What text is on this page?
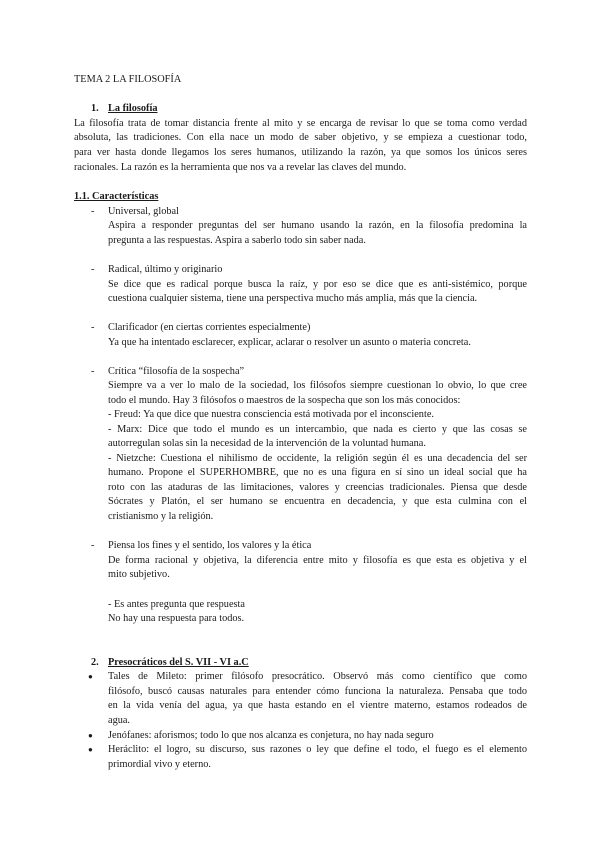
TEMA 2 LA FILOSOFÍA
1. La filosofía
La filosofía trata de tomar distancia frente al mito y se encarga de revisar lo que se toma como verdad
absoluta, las tradiciones. Con ella nace un modo de saber objetivo, y se empieza a cuestionar todo,
para ver hasta donde llegamos los seres humanos, utilizando la razón, ya que somos los únicos seres
racionales. La razón es la herramienta que nos va a revelar las claves del mundo.
1.1. Características
- Universal, global
Aspira a responder preguntas del ser humano usando la razón, en la filosofía predomina la
pregunta a las respuestas. Aspira a saberlo todo sin saber nada.
- Radical, último y originario
Se dice que es radical porque busca la raíz, y por eso se dice que es anti-sistémico, porque
cuestiona cualquier sistema, tiene una perspectiva mucho más amplia, más que la ciencia.
- Clarificador (en ciertas corrientes especialmente)
Ya que ha intentado esclarecer, explicar, aclarar o resolver un asunto o materia concreta.
- Crítica “filosofía de la sospecha”
Siempre va a ver lo malo de la sociedad, los filósofos siempre cuestionan lo obvio, lo que cree
todo el mundo. Hay 3 filósofos o maestros de la sospecha que son los más conocidos:
- Freud: Ya que dice que nuestra consciencia está motivada por el inconsciente.
- Marx: Dice que todo el mundo es un intercambio, que nada es cierto y que las cosas se
autorregulan solas sin la necesidad de la intervención de la voluntad humana.
- Nietzche: Cuestiona el nihilismo de occidente, la religión según él es una decadencia del ser
humano. Propone el SUPERHOMBRE, que no es una figura en sí sino un ideal social que ha
roto con las ataduras de las limitaciones, valores y creencias tradicionales. Piensa que desde
Sócrates y Platón, el ser humano se encuentra en decadencia, y que esta culmina con el
cristianismo y la religión.
- Piensa los fines y el sentido, los valores y la ética
De forma racional y objetiva, la diferencia entre mito y filosofía es que esta es objetiva y el
mito subjetivo.
- Es antes pregunta que respuesta
No hay una respuesta para todos.
2. Presocráticos del S. VII - VI a.C
● Tales de Mileto: primer filósofo presocrático. Observó más como científico que como
filósofo, buscó causas naturales para entender cómo funciona la naturaleza. Pensaba que todo
en la vida venía del agua, ya que hasta estando en el vientre materno, estamos rodeados de
agua.
● Jenófanes: aforismos; todo lo que nos alcanza es conjetura, no hay nada seguro
● Heráclito: el logro, su discurso, sus razones o ley que define el todo, el fuego es el elemento
primordial vivo y eterno.
